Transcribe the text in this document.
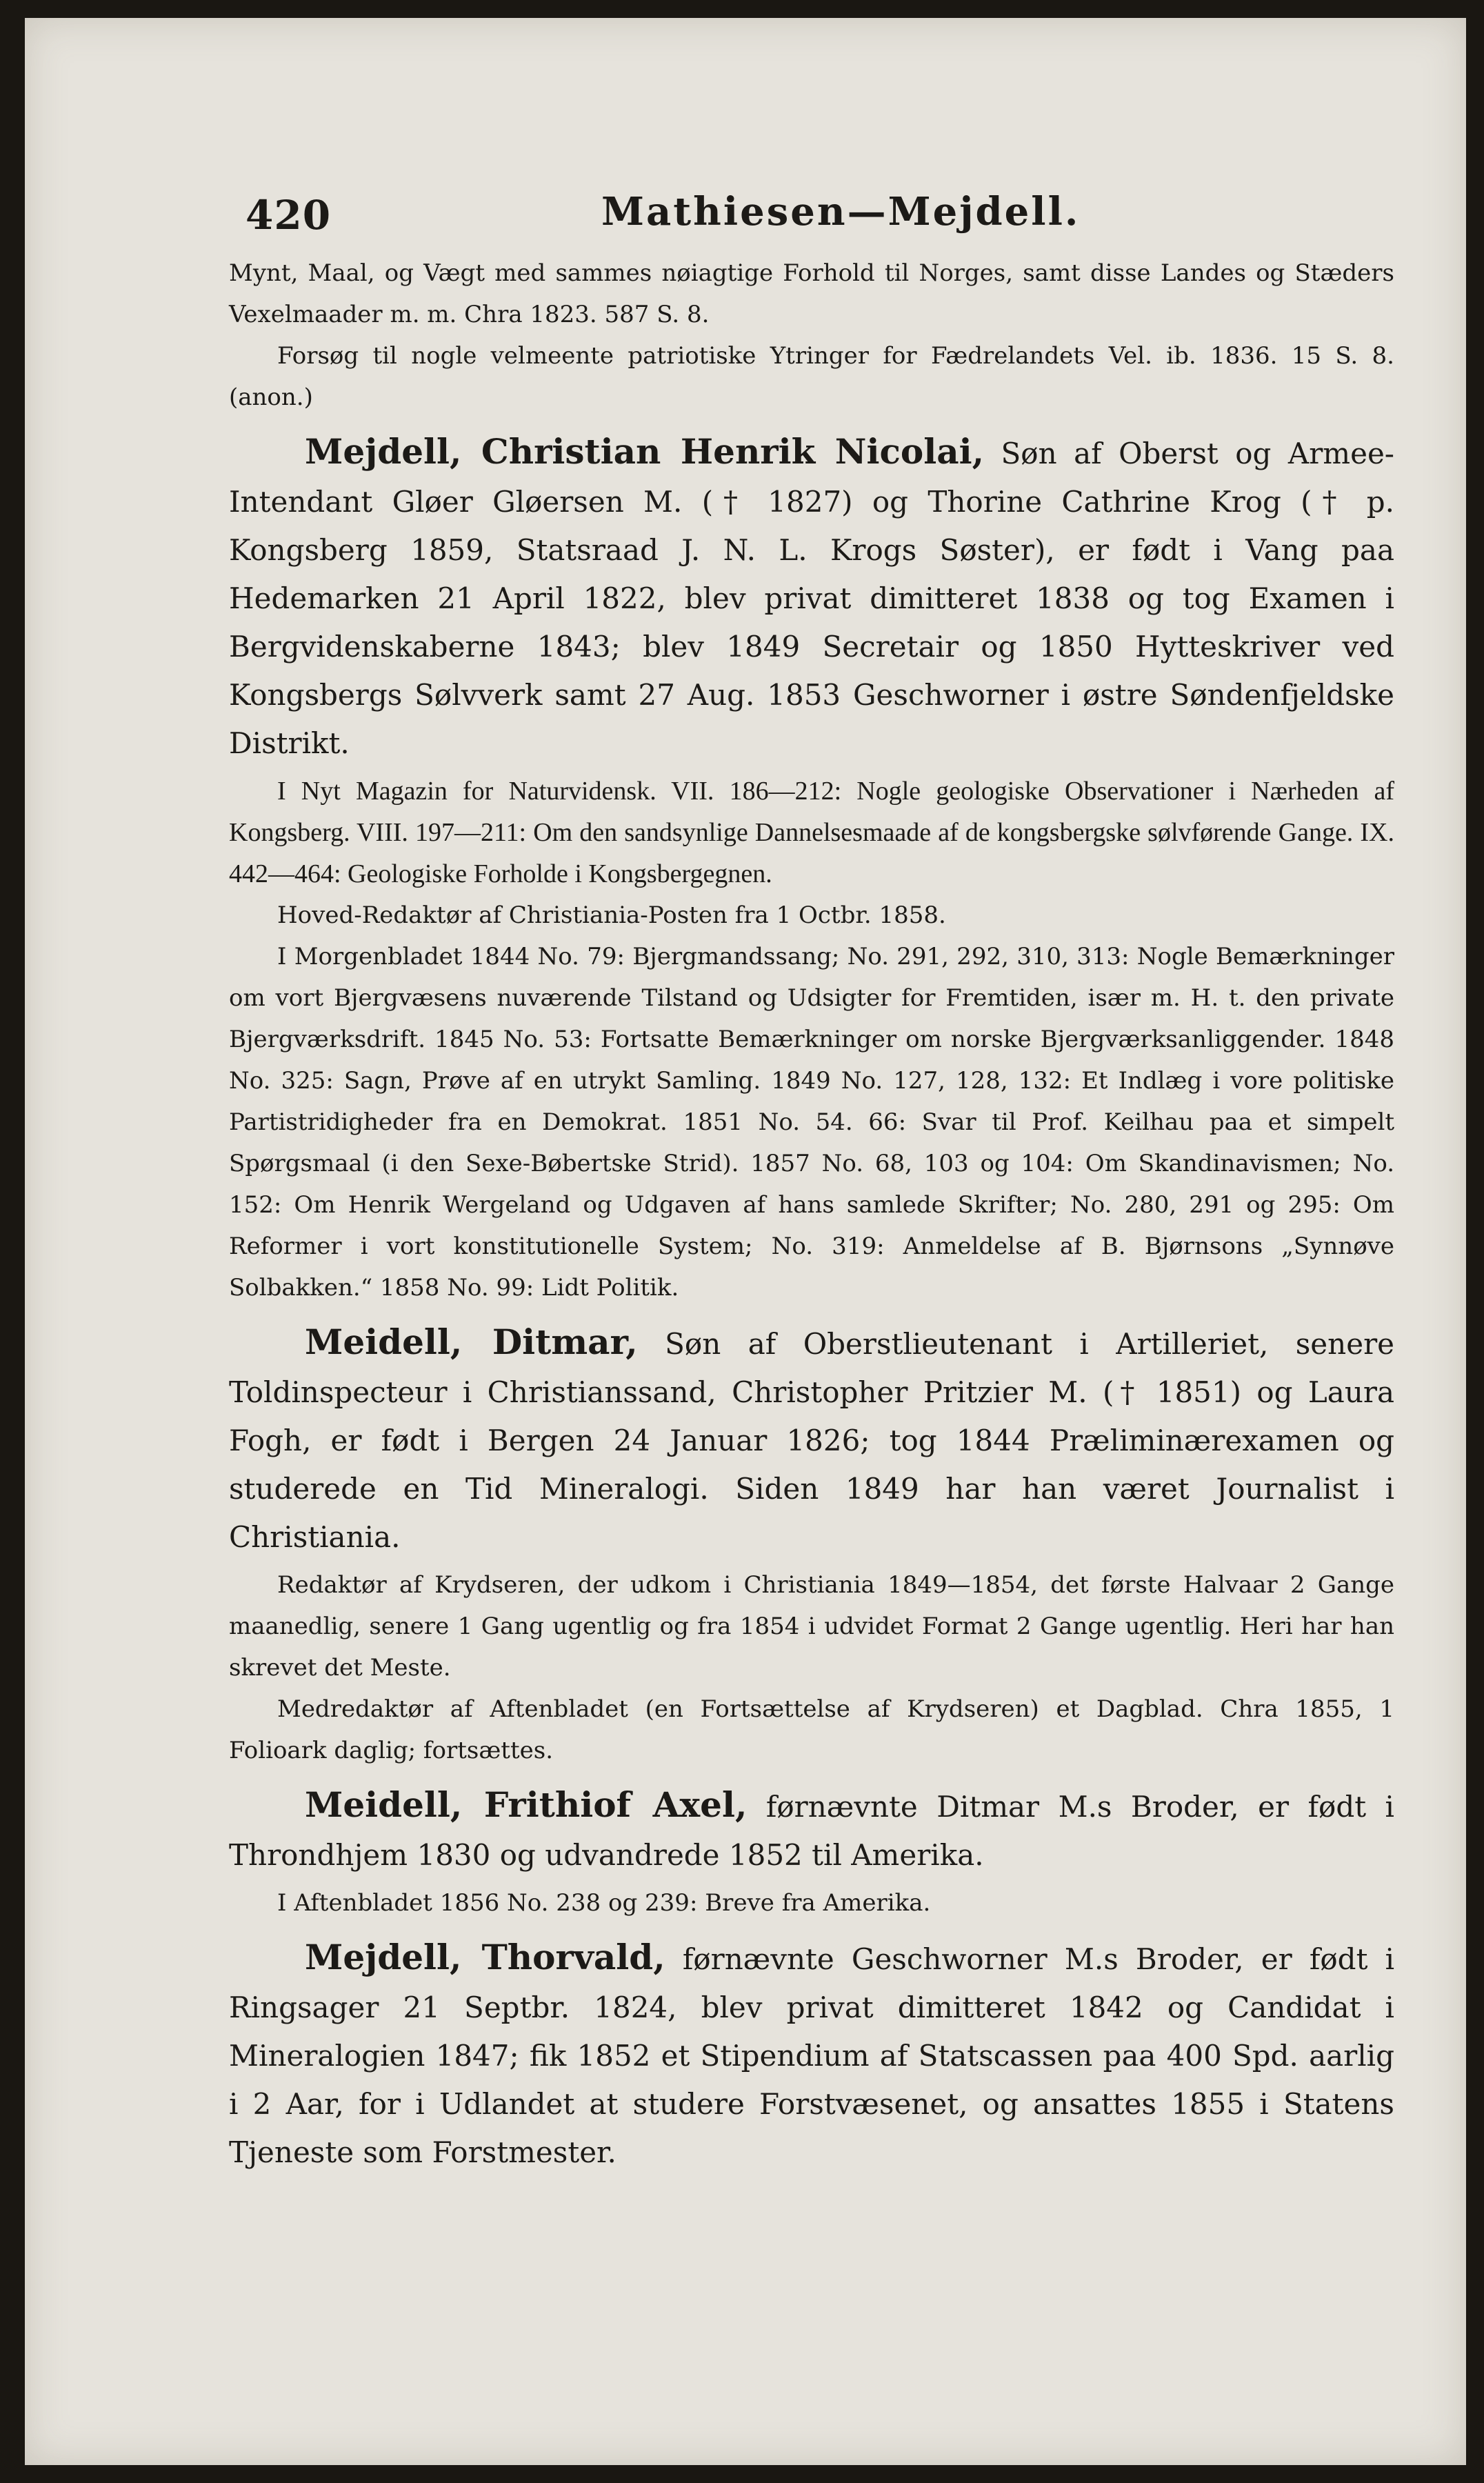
420	Mathiesen—Mejdell.

Mynt, Maal, og Vægt med sammes nøiagtige Forhold til Norges, samt disse Landes og Stæders Vexelmaader m. m. Chra 1823. 587 S. 8.

Forsøg til nogle velmeente patriotiske Ytringer for Fædrelandets Vel. ib. 1836. 15 S. 8. (anon.)

Mejdell, Christian Henrik Nicolai, Søn af Oberst og Armee-Intendant Gløer Gløersen M. († 1827) og Thorine Cathrine Krog († p. Kongsberg 1859, Statsraad J. N. L. Krogs Søster), er født i Vang paa Hedemarken 21 April 1822, blev privat dimitteret 1838 og tog Examen i Bergvidenskaberne 1843; blev 1849 Secretair og 1850 Hytteskriver ved Kongsbergs Sølvverk samt 27 Aug. 1853 Geschworner i østre Søndenfjeldske Distrikt.

I Nyt Magazin for Naturvidensk. VII. 186—212: Nogle geologiske Observationer i Nærheden af Kongsberg. VIII. 197—211: Om den sandsynlige Dannelsesmaade af de kongsbergske sølvførende Gange. IX. 442—464: Geologiske Forholde i Kongsbergegnen.

Hoved-Redaktør af Christiania-Posten fra 1 Octbr. 1858.

I Morgenbladet 1844 No. 79: Bjergmandssang; No. 291, 292, 310, 313: Nogle Bemærkninger om vort Bjergvæsens nuværende Tilstand og Udsigter for Fremtiden, især m. H. t. den private Bjergværksdrift. 1845 No. 53: Fortsatte Bemærkninger om norske Bjergværksanliggender. 1848 No. 325: Sagn, Prøve af en utrykt Samling. 1849 No. 127, 128, 132: Et Indlæg i vore politiske Partistridigheder fra en Demokrat. 1851 No. 54. 66: Svar til Prof. Keilhau paa et simpelt Spørgsmaal (i den Sexe-Bøbertske Strid). 1857 No. 68, 103 og 104: Om Skandinavismen; No. 152: Om Henrik Wergeland og Udgaven af hans samlede Skrifter; No. 280, 291 og 295: Om Reformer i vort konstitutionelle System; No. 319: Anmeldelse af B. Bjørnsons „Synnøve Solbakken.“ 1858 No. 99: Lidt Politik.

Meidell, Ditmar, Søn af Oberstlieutenant i Artilleriet, senere Toldinspecteur i Christianssand, Christopher Pritzier M. († 1851) og Laura Fogh, er født i Bergen 24 Januar 1826; tog 1844 Præliminærexamen og studerede en Tid Mineralogi. Siden 1849 har han været Journalist i Christiania.

Redaktør af Krydseren, der udkom i Christiania 1849—1854, det første Halvaar 2 Gange maanedlig, senere 1 Gang ugentlig og fra 1854 i udvidet Format 2 Gange ugentlig. Heri har han skrevet det Meste.

Medredaktør af Aftenbladet (en Fortsættelse af Krydseren) et Dagblad. Chra 1855, 1 Folioark daglig; fortsættes.

Meidell, Frithiof Axel, førnævnte Ditmar M.s Broder, er født i Throndhjem 1830 og udvandrede 1852 til Amerika.

I Aftenbladet 1856 No. 238 og 239: Breve fra Amerika.

Mejdell, Thorvald, førnævnte Geschworner M.s Broder, er født i Ringsager 21 Septbr. 1824, blev privat dimitteret 1842 og Candidat i Mineralogien 1847; fik 1852 et Stipendium af Statscassen paa 400 Spd. aarlig i 2 Aar, for i Udlandet at studere Forstvæsenet, og ansattes 1855 i Statens Tjeneste som Forstmester.
